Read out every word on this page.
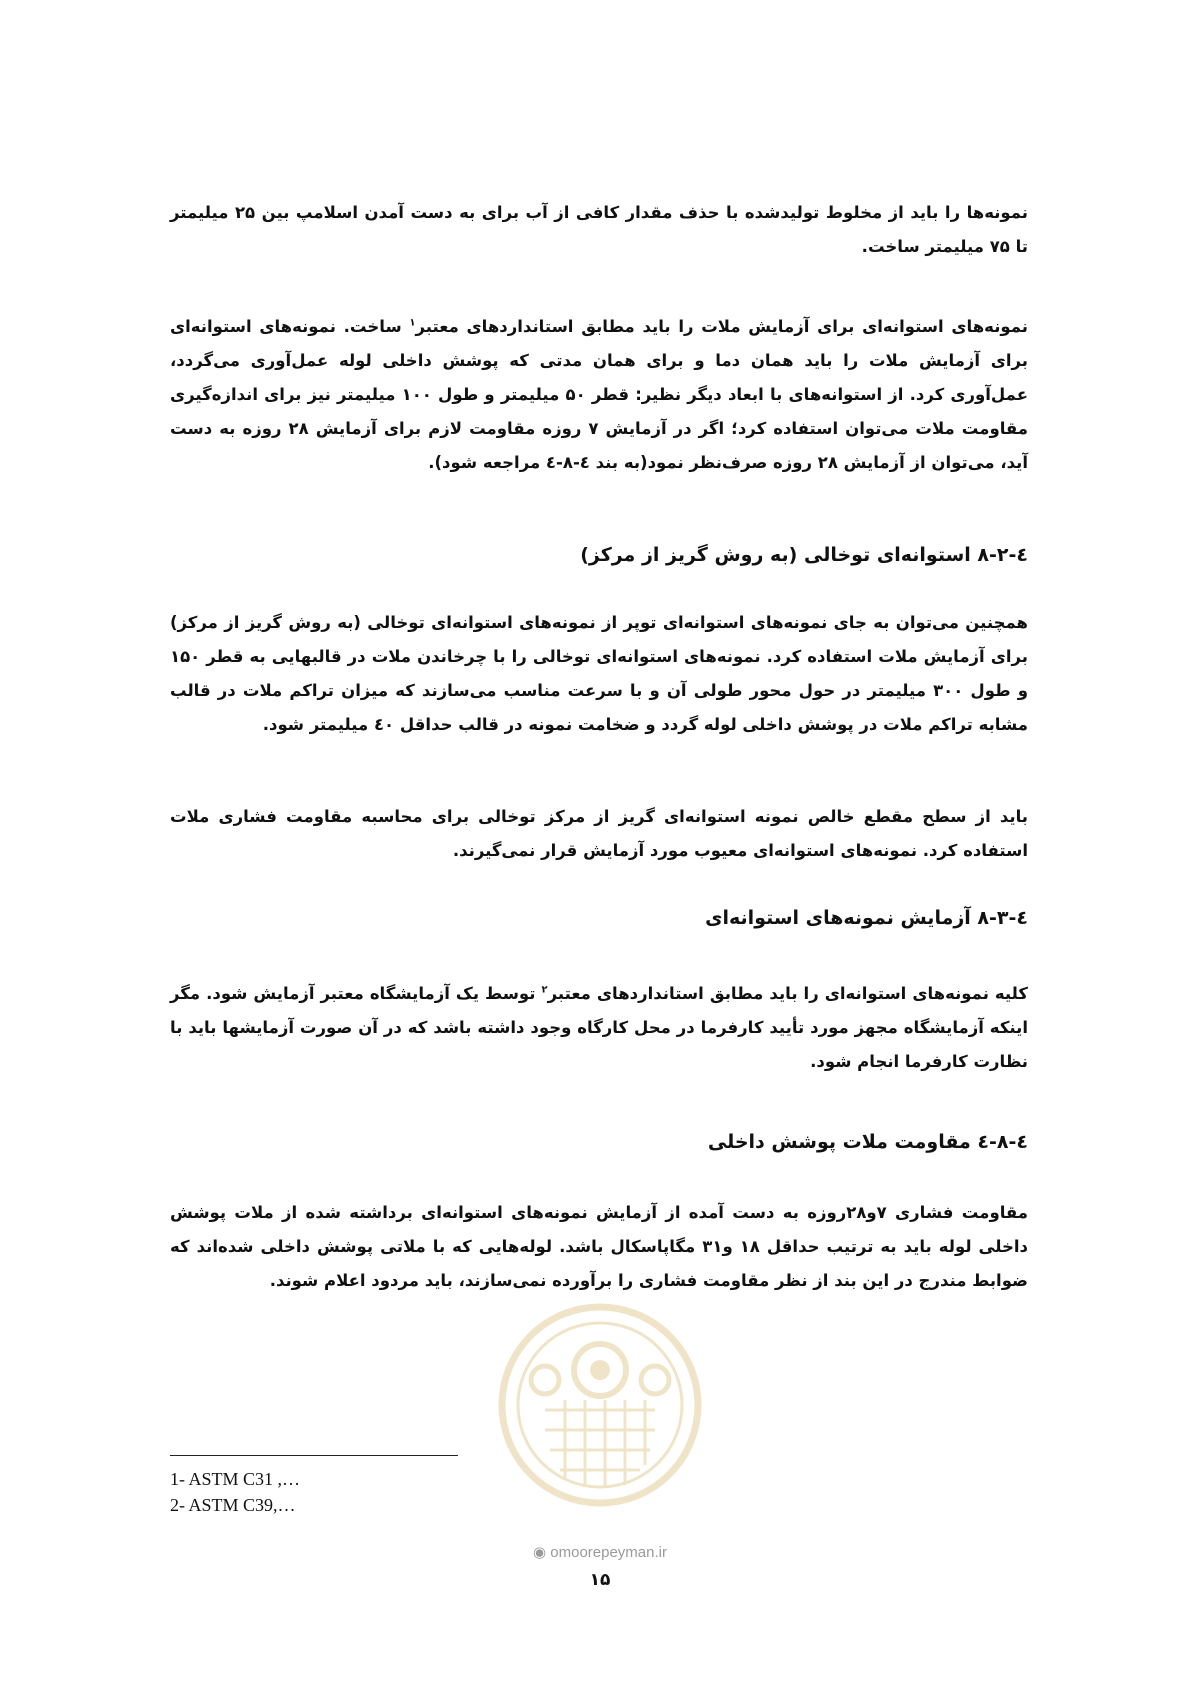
نمونه‌ها را باید از مخلوط تولیدشده با حذف مقدار کافی از آب برای به دست آمدن اسلامپ بین ۲۵ میلیمتر تا ۷۵ میلیمتر ساخت.

نمونه‌های استوانه‌ای برای آزمایش ملات را باید مطابق استانداردهای معتبر$^۱$ ساخت. نمونه‌های استوانه‌ای برای آزمایش ملات را باید همان دما و برای همان مدتی که پوشش داخلی لوله عمل‌آوری می‌گردد، عمل‌آوری کرد. از استوانه‌های با ابعاد دیگر نظیر: قطر ۵۰ میلیمتر و طول ۱۰۰ میلیمتر نیز برای اندازه‌گیری مقاومت ملات می‌توان استفاده کرد؛ اگر در آزمایش ۷ روزه مقاومت لازم برای آزمایش ۲۸ روزه به دست آید، می‌توان از آزمایش ۲۸ روزه صرف‌نظر نمود(به بند ٤-۸-٤ مراجعه شود).

٤-۸-۲ استوانه‌ای توخالی (به روش گریز از مرکز)

همچنین می‌توان به جای نمونه‌های استوانه‌ای توپر از نمونه‌های استوانه‌ای توخالی (به روش گریز از مرکز) برای آزمایش ملات استفاده کرد. نمونه‌های استوانه‌ای توخالی را با چرخاندن ملات در قالبهایی به قطر ۱۵۰ و طول ۳۰۰ میلیمتر در حول محور طولی آن و با سرعت مناسب می‌سازند که میزان تراکم ملات در قالب مشابه تراکم ملات در پوشش داخلی لوله گردد و ضخامت نمونه در قالب حداقل ٤۰ میلیمتر شود.

باید از سطح مقطع خالص نمونه استوانه‌ای گریز از مرکز توخالی برای محاسبه مقاومت فشاری ملات استفاده کرد. نمونه‌های استوانه‌ای معیوب مورد آزمایش قرار نمی‌گیرند.

٤-۸-۳ آزمایش نمونه‌های استوانه‌ای

کلیه نمونه‌های استوانه‌ای را باید مطابق استانداردهای معتبر$^۲$ توسط یک آزمایشگاه معتبر آزمایش شود. مگر اینکه آزمایشگاه مجهز مورد تأیید کارفرما در محل کارگاه وجود داشته باشد که در آن صورت آزمایشها باید با نظارت کارفرما انجام شود.

٤-۸-٤ مقاومت ملات پوشش داخلی

مقاومت فشاری ۷و۲۸روزه به دست آمده از آزمایش نمونه‌های استوانه‌ای برداشته شده از ملات پوشش داخلی لوله باید به ترتیب حداقل ۱۸ و۳۱ مگاپاسکال باشد. لوله‌هایی که با ملاتی پوشش داخلی شده‌اند که ضوابط مندرج در این بند از نظر مقاومت فشاری را برآورده نمی‌سازند، باید مردود اعلام شوند.

1- ASTM C31 ,…
2- ASTM C39,…
◉ omoorepeyman.ir
۱۵
